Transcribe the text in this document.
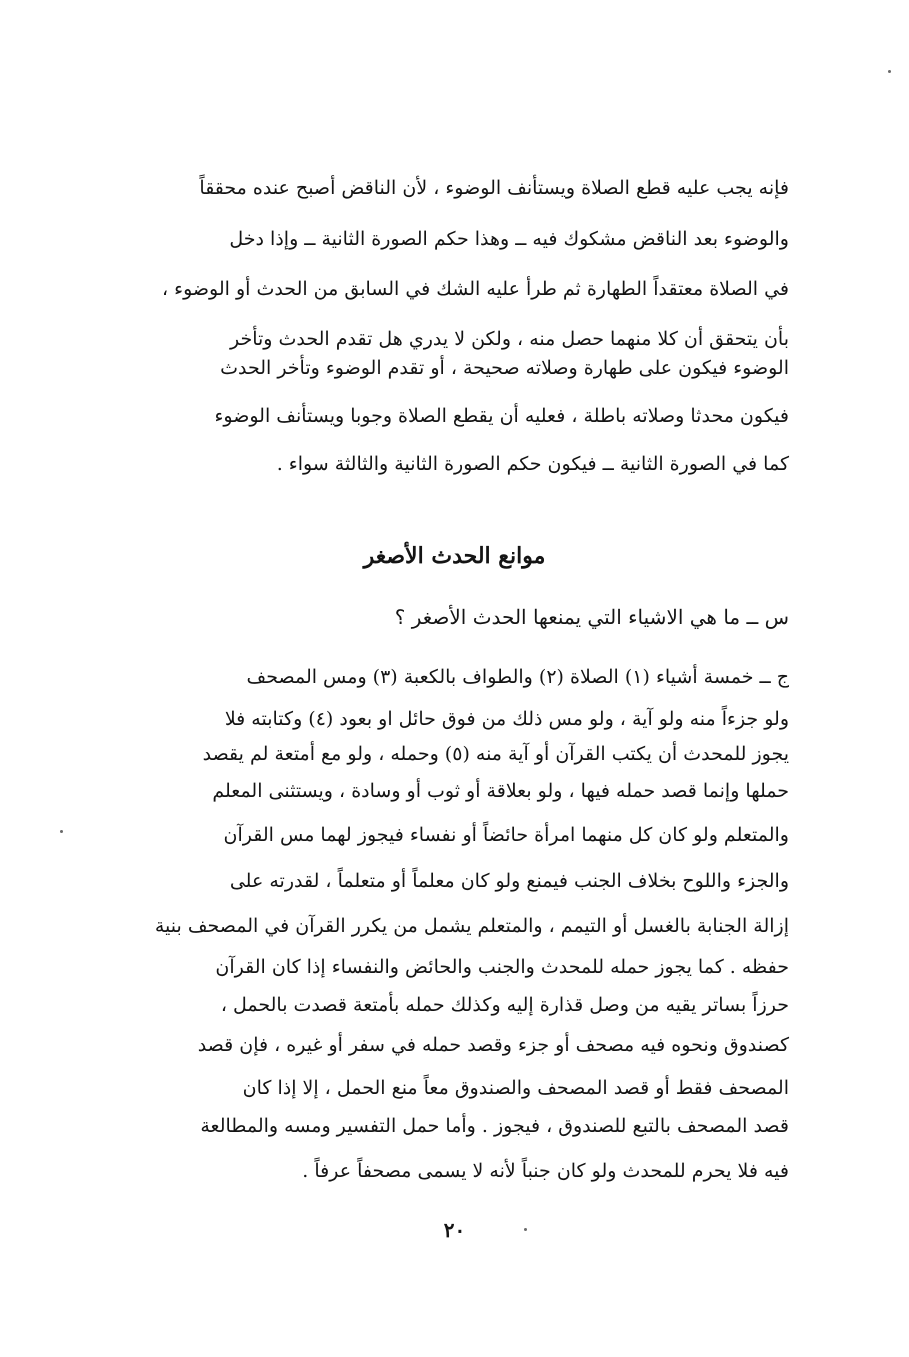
فإنه يجب عليه قطع الصلاة ويستأنف الوضوء ، لأن الناقض أصبح عنده محققاً
والوضوء بعد الناقض مشكوك فيه ــ وهذا حكم الصورة الثانية ــ وإذا دخل
في الصلاة معتقداً الطهارة ثم طرأ عليه الشك في السابق من الحدث أو الوضوء ،
بأن يتحقق أن كلا منهما حصل منه ، ولكن لا يدري هل تقدم الحدث وتأخر
الوضوء فيكون على طهارة وصلاته صحيحة ، أو تقدم الوضوء وتأخر الحدث
فيكون محدثا وصلاته باطلة ، فعليه أن يقطع الصلاة وجوبا ويستأنف الوضوء
كما في الصورة الثانية ــ فيكون حكم الصورة الثانية والثالثة سواء .
موانع الحدث الأصغر
س ــ ما هي الاشياء التي يمنعها الحدث الأصغر ؟
ج ــ خمسة أشياء (١) الصلاة (٢) والطواف بالكعبة (٣) ومس المصحف
ولو جزءاً منه ولو آية ، ولو مس ذلك من فوق حائل او بعود (٤) وكتابته فلا
يجوز للمحدث أن يكتب القرآن أو آية منه (٥) وحمله ، ولو مع أمتعة لم يقصد
حملها وإنما قصد حمله فيها ، ولو بعلاقة أو ثوب أو وسادة ، ويستثنى المعلم
والمتعلم ولو كان كل منهما امرأة حائضاً أو نفساء فيجوز لهما مس القرآن
والجزء واللوح بخلاف الجنب فيمنع ولو كان معلماً أو متعلماً ، لقدرته على
إزالة الجنابة بالغسل أو التيمم ، والمتعلم يشمل من يكرر القرآن في المصحف بنية
حفظه . كما يجوز حمله للمحدث والجنب والحائض والنفساء إذا كان القرآن
حرزاً بساتر يقيه من وصل قذارة إليه وكذلك حمله بأمتعة قصدت بالحمل ،
كصندوق ونحوه فيه مصحف أو جزء وقصد حمله في سفر أو غيره ، فإن قصد
المصحف فقط أو قصد المصحف والصندوق معاً منع الحمل ، إلا إذا كان
قصد المصحف بالتبع للصندوق ، فيجوز . وأما حمل التفسير ومسه والمطالعة
فيه فلا يحرم للمحدث ولو كان جنباً لأنه لا يسمى مصحفاً عرفاً .
٢٠
